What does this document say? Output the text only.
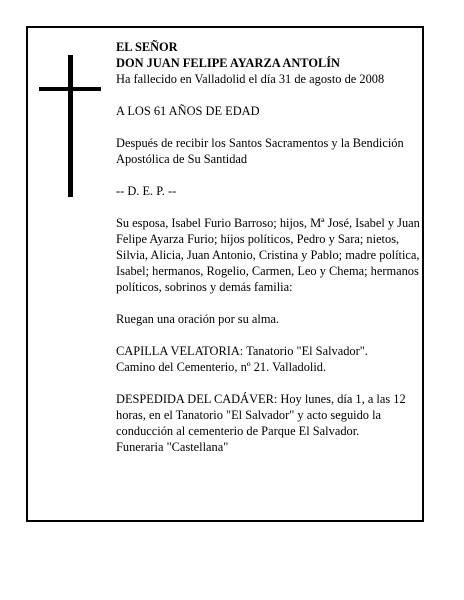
EL SEÑOR

DON JUAN FELIPE AYARZA ANTOLÍN

Ha fallecido en Valladolid el día 31 de agosto de 2008

A LOS 61 AÑOS DE EDAD

Después de recibir los Santos Sacramentos y la Bendición Apostólica de Su Santidad

-- D. E. P. --

Su esposa, Isabel Furio Barroso; hijos, Mª José, Isabel y Juan Felipe Ayarza Furio; hijos políticos, Pedro y Sara; nietos, Silvia, Alicia, Juan Antonio, Cristina y Pablo; madre política, Isabel; hermanos, Rogelio, Carmen, Leo y Chema; hermanos políticos, sobrinos y demás familia:

Ruegan una oración por su alma.

CAPILLA VELATORIA: Tanatorio "El Salvador".
Camino del Cementerio, nº 21. Valladolid.

DESPEDIDA DEL CADÁVER: Hoy lunes, día 1, a las 12 horas, en el Tanatorio "El Salvador" y acto seguido la conducción al cementerio de Parque El Salvador.
Funeraria "Castellana"
